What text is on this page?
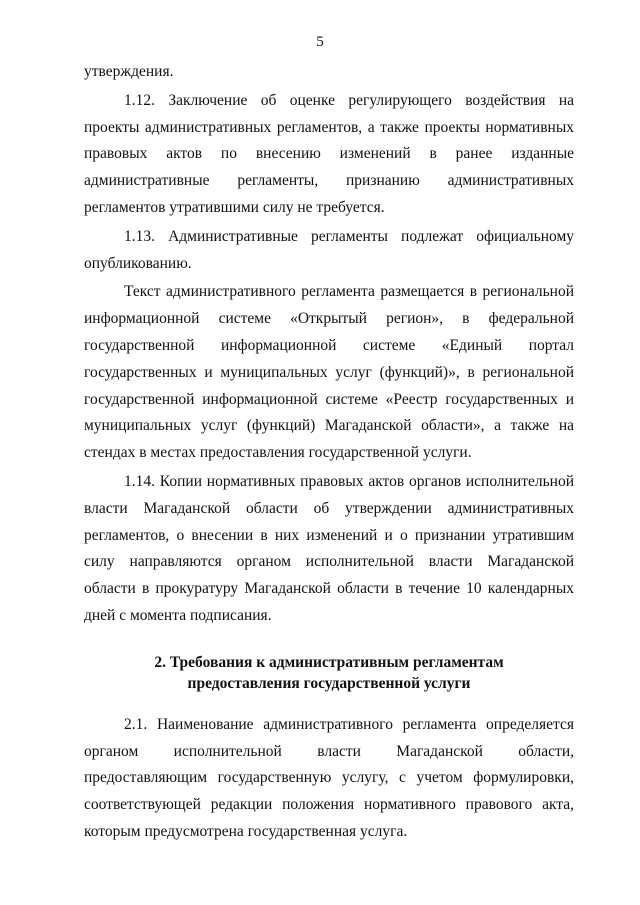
5

утверждения.

1.12. Заключение об оценке регулирующего воздействия на проекты административных регламентов, а также проекты нормативных правовых актов по внесению изменений в ранее изданные административные регламенты, признанию административных регламентов утратившими силу не требуется.

1.13. Административные регламенты подлежат официальному опубликованию.

Текст административного регламента размещается в региональной информационной системе «Открытый регион», в федеральной государственной информационной системе «Единый портал государственных и муниципальных услуг (функций)», в региональной государственной информационной системе «Реестр государственных и муниципальных услуг (функций) Магаданской области», а также на стендах в местах предоставления государственной услуги.

1.14. Копии нормативных правовых актов органов исполнительной власти Магаданской области об утверждении административных регламентов, о внесении в них изменений и о признании утратившим силу направляются органом исполнительной власти Магаданской области в прокуратуру Магаданской области в течение 10 календарных дней с момента подписания.

2. Требования к административным регламентам
предоставления государственной услуги

2.1. Наименование административного регламента определяется органом исполнительной власти Магаданской области, предоставляющим государственную услугу, с учетом формулировки, соответствующей редакции положения нормативного правового акта, которым предусмотрена государственная услуга.
